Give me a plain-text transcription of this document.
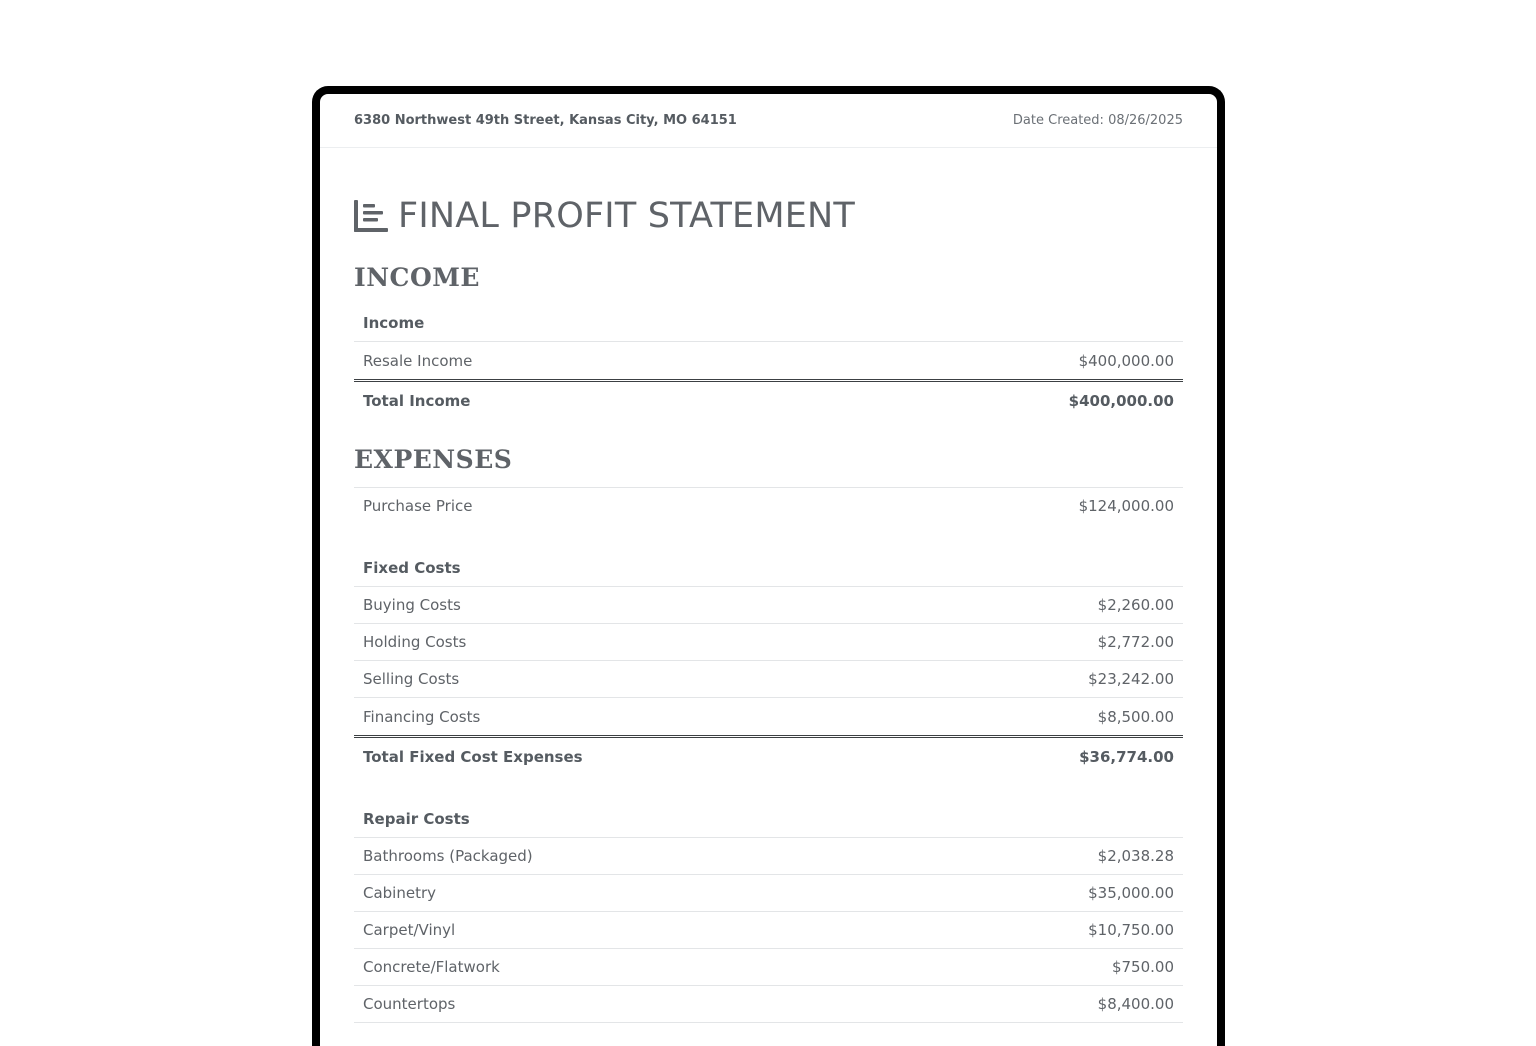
6380 Northwest 49th Street, Kansas City, MO 64151	Date Created: 08/26/2025
FINAL PROFIT STATEMENT
INCOME
Income
Resale Income	$400,000.00
Total Income	$400,000.00
EXPENSES
Purchase Price	$124,000.00
Fixed Costs
Buying Costs	$2,260.00
Holding Costs	$2,772.00
Selling Costs	$23,242.00
Financing Costs	$8,500.00
Total Fixed Cost Expenses	$36,774.00
Repair Costs
Bathrooms (Packaged)	$2,038.28
Cabinetry	$35,000.00
Carpet/Vinyl	$10,750.00
Concrete/Flatwork	$750.00
Countertops	$8,400.00
